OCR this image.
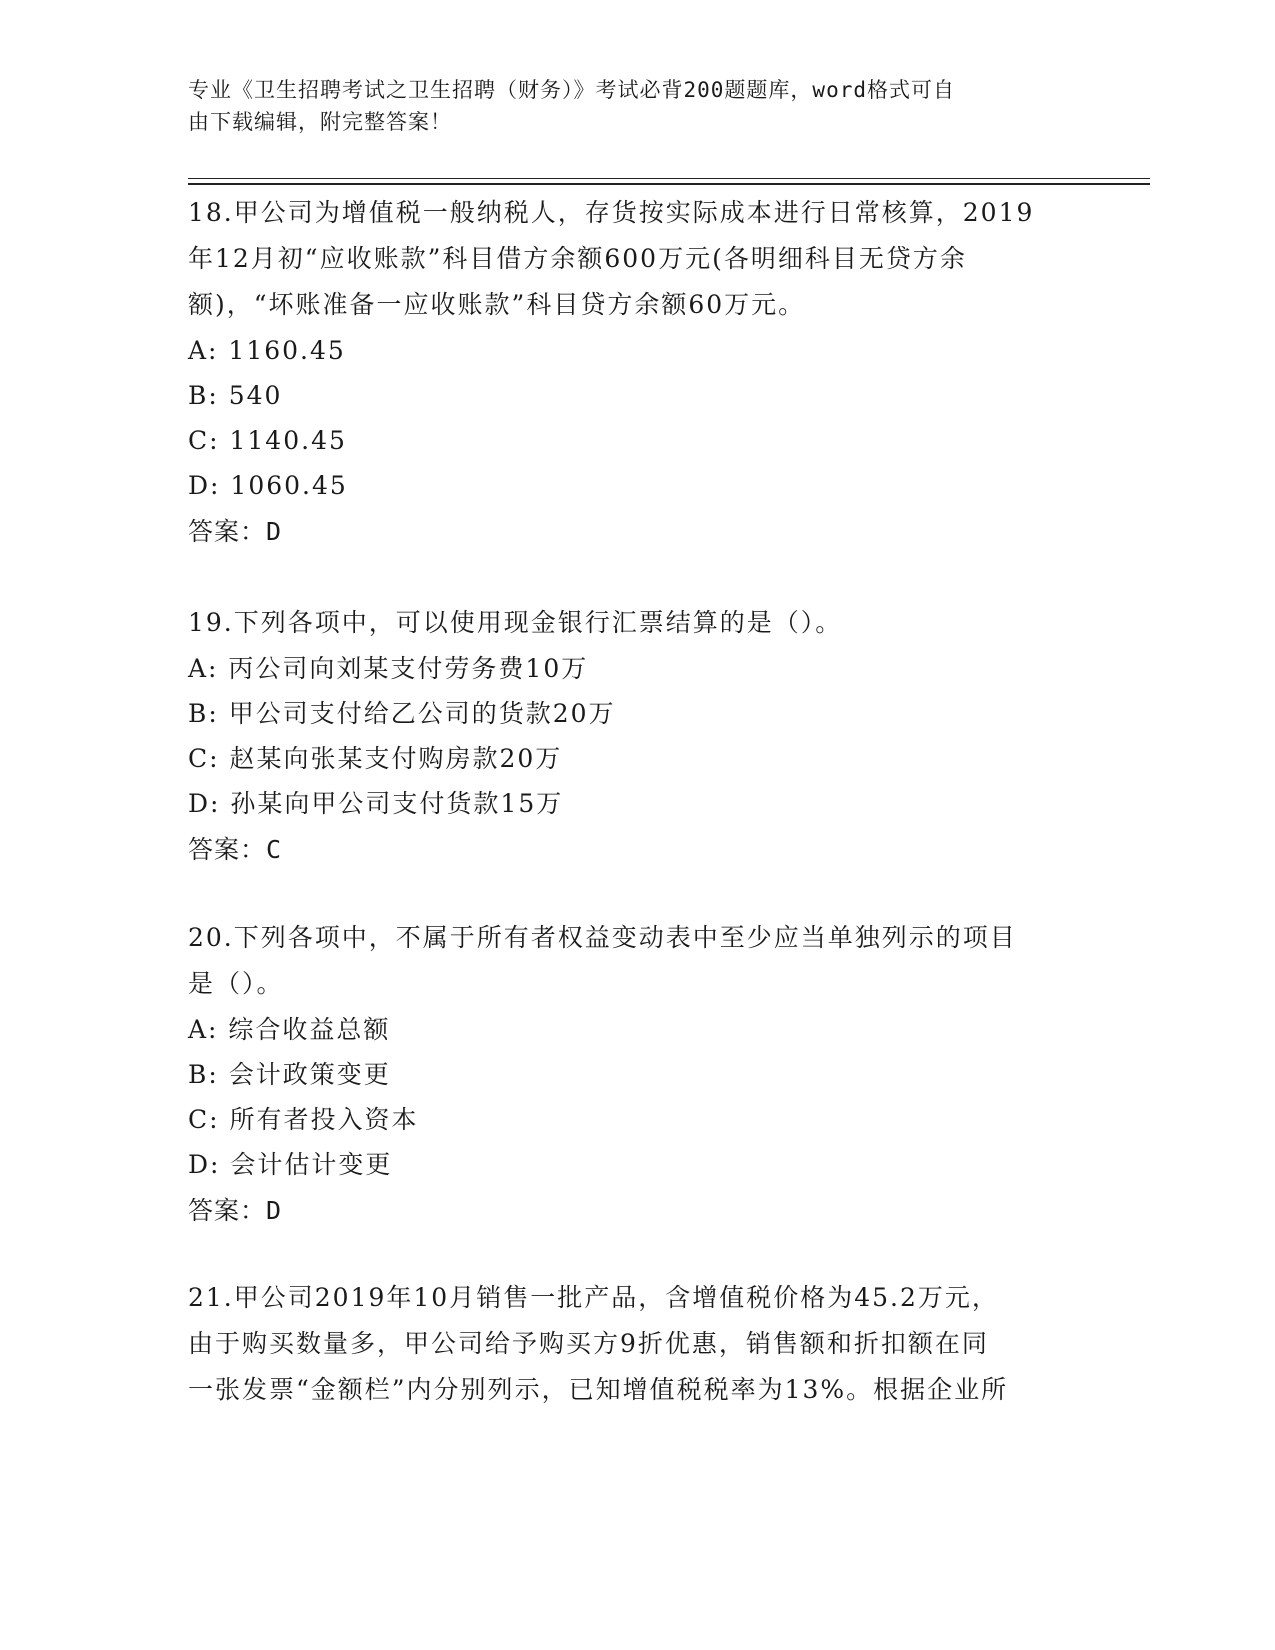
专业《卫生招聘考试之卫生招聘（财务）》考试必背200题题库，word格式可自
由下载编辑，附完整答案！
18.甲公司为增值税一般纳税人，存货按实际成本进行日常核算，2019
年12月初“应收账款”科目借方余额600万元(各明细科目无贷方余
额)，“坏账准备一应收账款”科目贷方余额60万元。
A: 1160.45
B: 540
C: 1140.45
D: 1060.45
答案：D
19.下列各项中，可以使用现金银行汇票结算的是（）。
A: 丙公司向刘某支付劳务费10万
B: 甲公司支付给乙公司的货款20万
C: 赵某向张某支付购房款20万
D: 孙某向甲公司支付货款15万
答案：C
20.下列各项中，不属于所有者权益变动表中至少应当单独列示的项目
是（）。
A: 综合收益总额
B: 会计政策变更
C: 所有者投入资本
D: 会计估计变更
答案：D
21.甲公司2019年10月销售一批产品，含增值税价格为45.2万元，
由于购买数量多，甲公司给予购买方9折优惠，销售额和折扣额在同
一张发票“金额栏”内分别列示，已知增值税税率为13%。根据企业所
